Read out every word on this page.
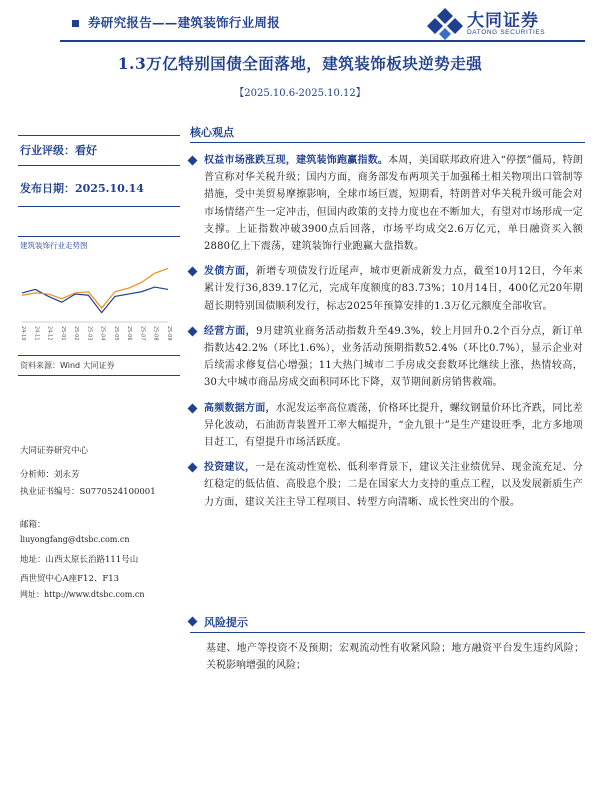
券研究报告——建筑装饰行业周报	大同证券
DATONG SECURITIES
1.3万亿特别国债全面落地，建筑装饰板块逆势走强
【2025.10.6-2025.10.12】
行业评级：看好
发布日期：2025.10.14
建筑装饰行业走势图
24-10 24-11 24-12 25-01 25-02 25-03 25-04 25-05 25-06 25-07 25-08 25-09
资料来源：Wind 大同证券
大同证券研究中心
分析师：刘永芳
执业证书编号：S0770524100001
邮箱：
liuyongfang@dtsbc.com.cn
地址：山西太原长治路111号山
西世贸中心A座F12、F13
网址：http://www.dtsbc.com.cn
核心观点
权益市场涨跌互现，建筑装饰跑赢指数。本周，美国联邦政府进入“停摆”僵局，特朗普宣称对华关税升级；国内方面，商务部发布两项关于加强稀土相关物项出口管制等措施，受中美贸易摩擦影响，全球市场巨震，短期看，特朗普对华关税升级可能会对市场情绪产生一定冲击，但国内政策的支持力度也在不断加大，有望对市场形成一定支撑。上证指数冲破3900点后回落，市场平均成交2.6万亿元，单日融资买入额2880亿上下震荡，建筑装饰行业跑赢大盘指数。
发债方面，新增专项债发行近尾声，城市更新成新发力点，截至10月12日，今年来累计发行36,839.17亿元，完成年度额度的83.73%；10月14日，400亿元20年期超长期特别国债顺利发行，标志2025年预算安排的1.3万亿元额度全部收官。
经营方面，9月建筑业商务活动指数升至49.3%，较上月回升0.2个百分点，新订单指数达42.2%（环比1.6%），业务活动预期指数52.4%（环比0.7%），显示企业对后续需求修复信心增强；11大热门城市二手房成交套数环比继续上涨，热情较高，30大中城市商品房成交面积同环比下降，双节期间新房销售救端。
高频数据方面，水泥发运率高位震荡，价格环比提升，螺纹钢量价环比齐跌，同比差异化波动，石油沥青装置开工率大幅提升，“金九银十”是生产建设旺季，北方多地项目赶工，有望提升市场活跃度。
投资建议，一是在流动性宽松、低利率背景下，建议关注业绩优异、现金流充足、分红稳定的低估值、高股息个股；二是在国家大力支持的重点工程，以及发展新质生产力方面，建议关注主导工程项目、转型方向清晰、成长性突出的个股。
风险提示
基建、地产等投资不及预期；宏观流动性有收紧风险；地方融资平台发生违约风险；关税影响增强的风险；
